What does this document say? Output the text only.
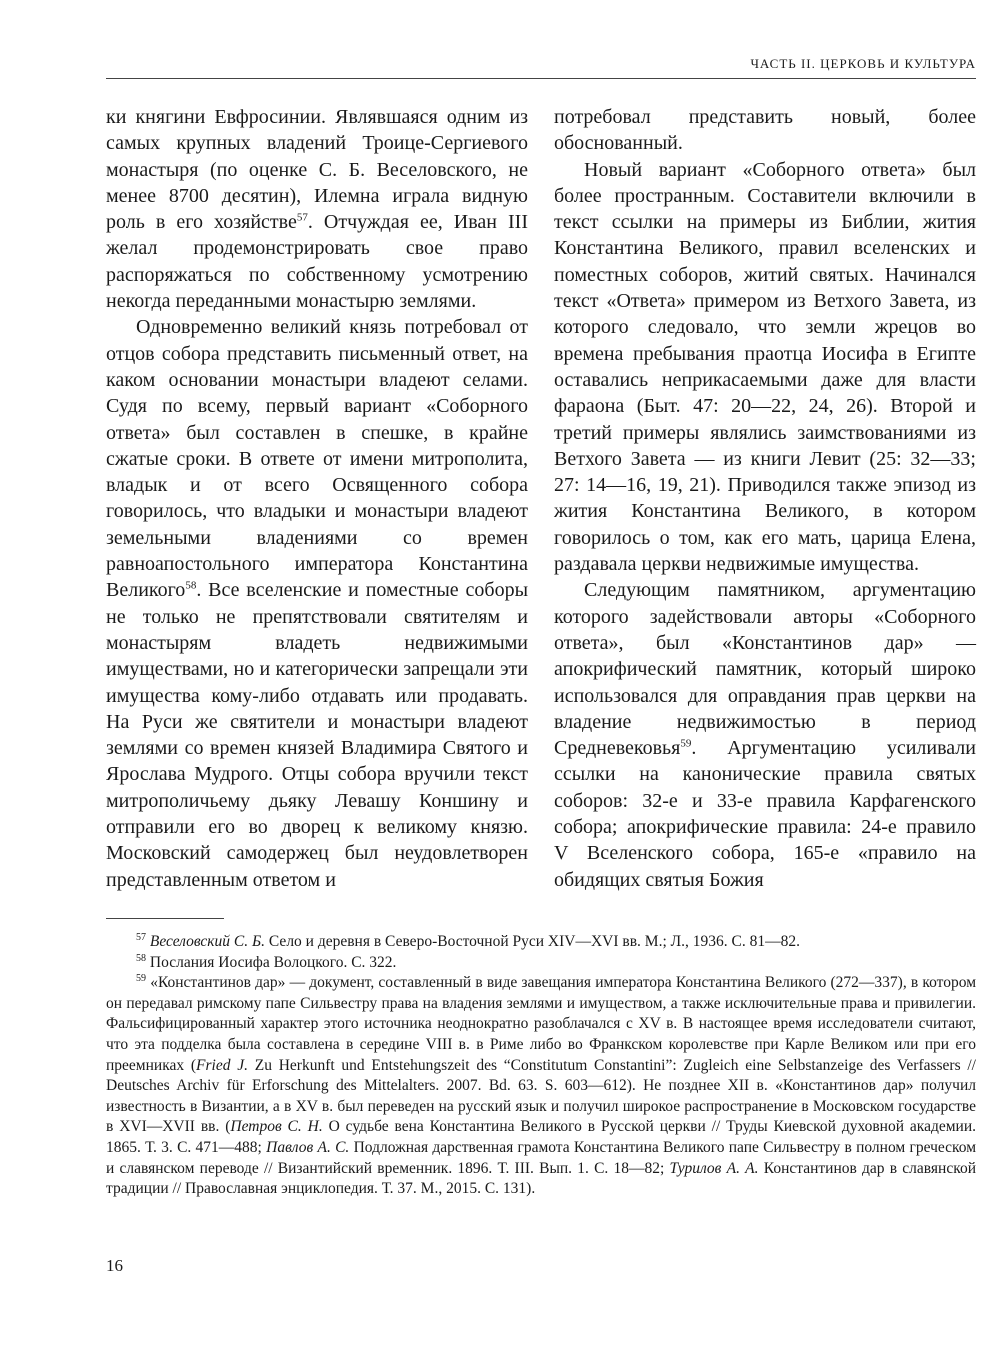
ЧАСТЬ II. ЦЕРКОВЬ И КУЛЬТУРА

ки княгини Евфросинии. Являвшаяся одним из самых крупных владений Троице-Сергиевого монастыря (по оценке С. Б. Веселовского, не менее 8700 десятин), Илемна играла видную роль в его хозяйстве$^{57}$. Отчуждая ее, Иван III желал продемонстрировать свое право распоряжаться по собственному усмотрению некогда переданными монастырю землями.

Одновременно великий князь потребовал от отцов собора представить письменный ответ, на каком основании монастыри владеют селами. Судя по всему, первый вариант «Соборного ответа» был составлен в спешке, в крайне сжатые сроки. В ответе от имени митрополита, владык и от всего Освященного собора говорилось, что владыки и монастыри владеют земельными владениями со времен равноапостольного императора Константина Великого$^{58}$. Все вселенские и поместные соборы не только не препятствовали святителям и монастырям владеть недвижимыми имуществами, но и категорически запрещали эти имущества кому-либо отдавать или продавать. На Руси же святители и монастыри владеют землями со времен князей Владимира Святого и Ярослава Мудрого. Отцы собора вручили текст митрополичьему дьяку Левашу Коншину и отправили его во дворец к великому князю. Московский самодержец был неудовлетворен представленным ответом и

потребовал представить новый, более обоснованный.

Новый вариант «Соборного ответа» был более пространным. Составители включили в текст ссылки на примеры из Библии, жития Константина Великого, правил вселенских и поместных соборов, житий святых. Начинался текст «Ответа» примером из Ветхого Завета, из которого следовало, что земли жрецов во времена пребывания праотца Иосифа в Египте оставались неприкасаемыми даже для власти фараона (Быт. 47: 20—22, 24, 26). Второй и третий примеры являлись заимствованиями из Ветхого Завета — из книги Левит (25: 32—33; 27: 14—16, 19, 21). Приводился также эпизод из жития Константина Великого, в котором говорилось о том, как его мать, царица Елена, раздавала церкви недвижимые имущества.

Следующим памятником, аргументацию которого задействовали авторы «Соборного ответа», был «Константинов дар» — апокрифический памятник, который широко использовался для оправдания прав церкви на владение недвижимостью в период Средневековья$^{59}$. Аргументацию усиливали ссылки на канонические правила святых соборов: 32-е и 33-е правила Карфагенского собора; апокрифические правила: 24-е правило V Вселенского собора, 165-е «правило на обидящих святыя Божия

$^{57}$ Веселовский С. Б. Село и деревня в Северо-Восточной Руси XIV—XVI вв. М.; Л., 1936. С. 81—82.

$^{58}$ Послания Иосифа Волоцкого. С. 322.

$^{59}$ «Константинов дар» — документ, составленный в виде завещания императора Константина Великого (272—337), в котором он передавал римскому папе Сильвестру права на владения землями и имуществом, а также исключительные права и привилегии. Фальсифицированный характер этого источника неоднократно разоблачался с XV в. В настоящее время исследователи считают, что эта подделка была составлена в середине VIII в. в Риме либо во Франкском королевстве при Карле Великом или при его преемниках (Fried J. Zu Herkunft und Entstehungszeit des “Constitutum Constantini”: Zugleich eine Selbstanzeige des Verfassers // Deutsches Archiv für Erforschung des Mittelalters. 2007. Bd. 63. S. 603—612). Не позднее XII в. «Константинов дар» получил известность в Византии, а в XV в. был переведен на русский язык и получил широкое распространение в Московском государстве в XVI—XVII вв. (Петров С. Н. О судьбе вена Константина Великого в Русской церкви // Труды Киевской духовной академии. 1865. Т. 3. С. 471—488; Павлов А. С. Подложная дарственная грамота Константина Великого папе Сильвестру в полном греческом и славянском переводе // Византийский временник. 1896. Т. III. Вып. 1. С. 18—82; Турилов А. А. Константинов дар в славянской традиции // Православная энциклопедия. Т. 37. М., 2015. С. 131).

16
